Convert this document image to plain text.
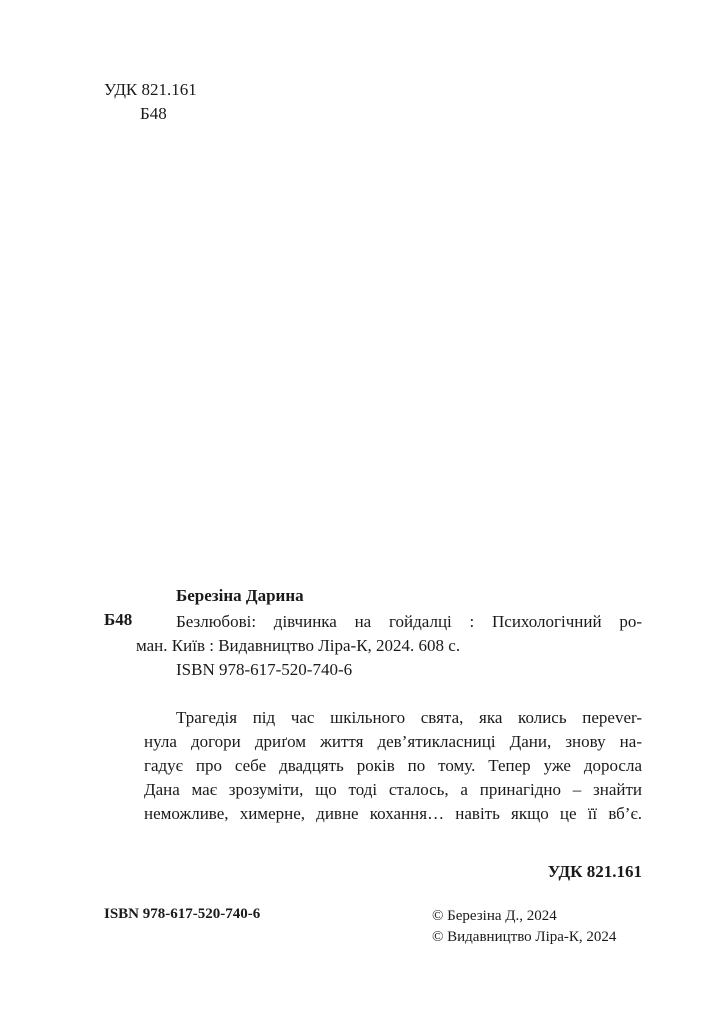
УДК 821.161
Б48
Березіна Дарина
Б48	Безлюбові: дівчинка на гойдалці : Психологічний ро-
ман. Київ : Видавництво Ліра-К, 2024. 608 с.
ISBN 978-617-520-740-6
Трагедія під час шкільного свята, яка колись переver-
нула догори дриґом життя дев’ятикласниці Дани, знову на-
гадує про себе двадцять років по тому. Тепер уже доросла
Дана має зрозуміти, що тоді сталось, а принагідно – знайти
неможливе, химерне, дивне кохання… навіть якщо це її вб’є.
УДК 821.161
ISBN 978-617-520-740-6	© Березіна Д., 2024
© Видавництво Ліра-К, 2024
